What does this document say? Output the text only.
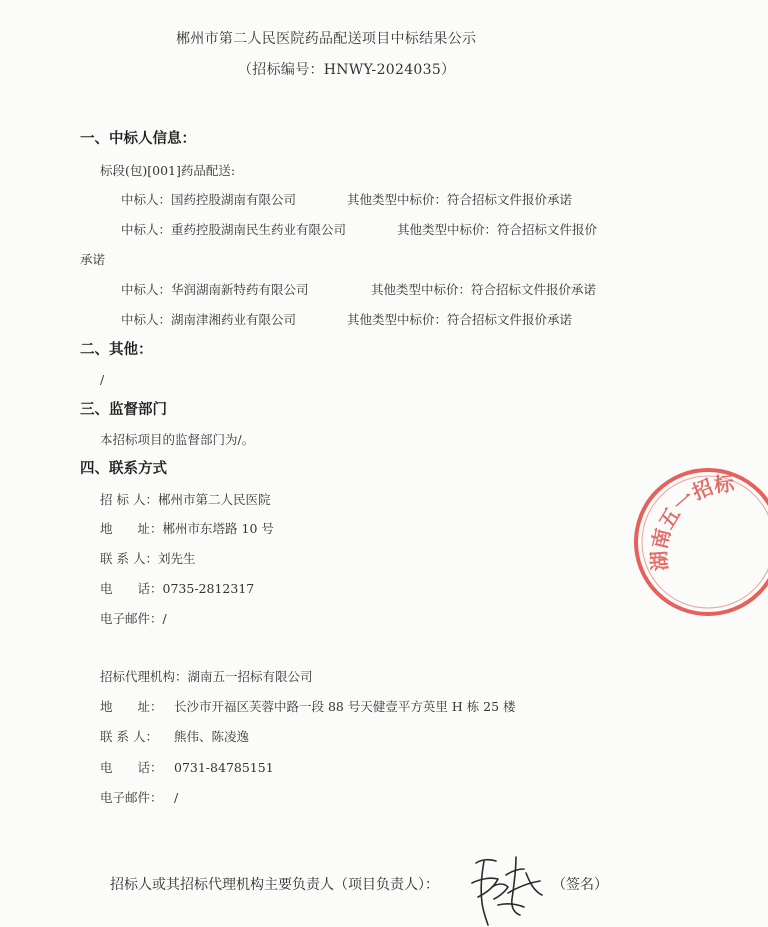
郴州市第二人民医院药品配送项目中标结果公示
（招标编号：HNWY-2024035）
一、中标人信息：
标段(包)[001]药品配送:
中标人：国药控股湖南有限公司	其他类型中标价：符合招标文件报价承诺
中标人：重药控股湖南民生药业有限公司	其他类型中标价：符合招标文件报价
承诺
中标人：华润湖南新特药有限公司	其他类型中标价：符合招标文件报价承诺
中标人：湖南津湘药业有限公司	其他类型中标价：符合招标文件报价承诺
二、其他：
/
三、监督部门
本招标项目的监督部门为/。
四、联系方式
招 标 人：郴州市第二人民医院
地　　址：郴州市东塔路 10 号
联 系 人：刘先生
电　　话：0735-2812317
电子邮件：/
招标代理机构：湖南五一招标有限公司
地　　址： 长沙市开福区芙蓉中路一段 88 号天健壹平方英里 H 栋 25 楼
联 系 人： 熊伟、陈凌逸
电　　话： 0731-84785151
电子邮件： /
招标人或其招标代理机构主要负责人（项目负责人）：	（签名）
湖南五一招标有限公司
